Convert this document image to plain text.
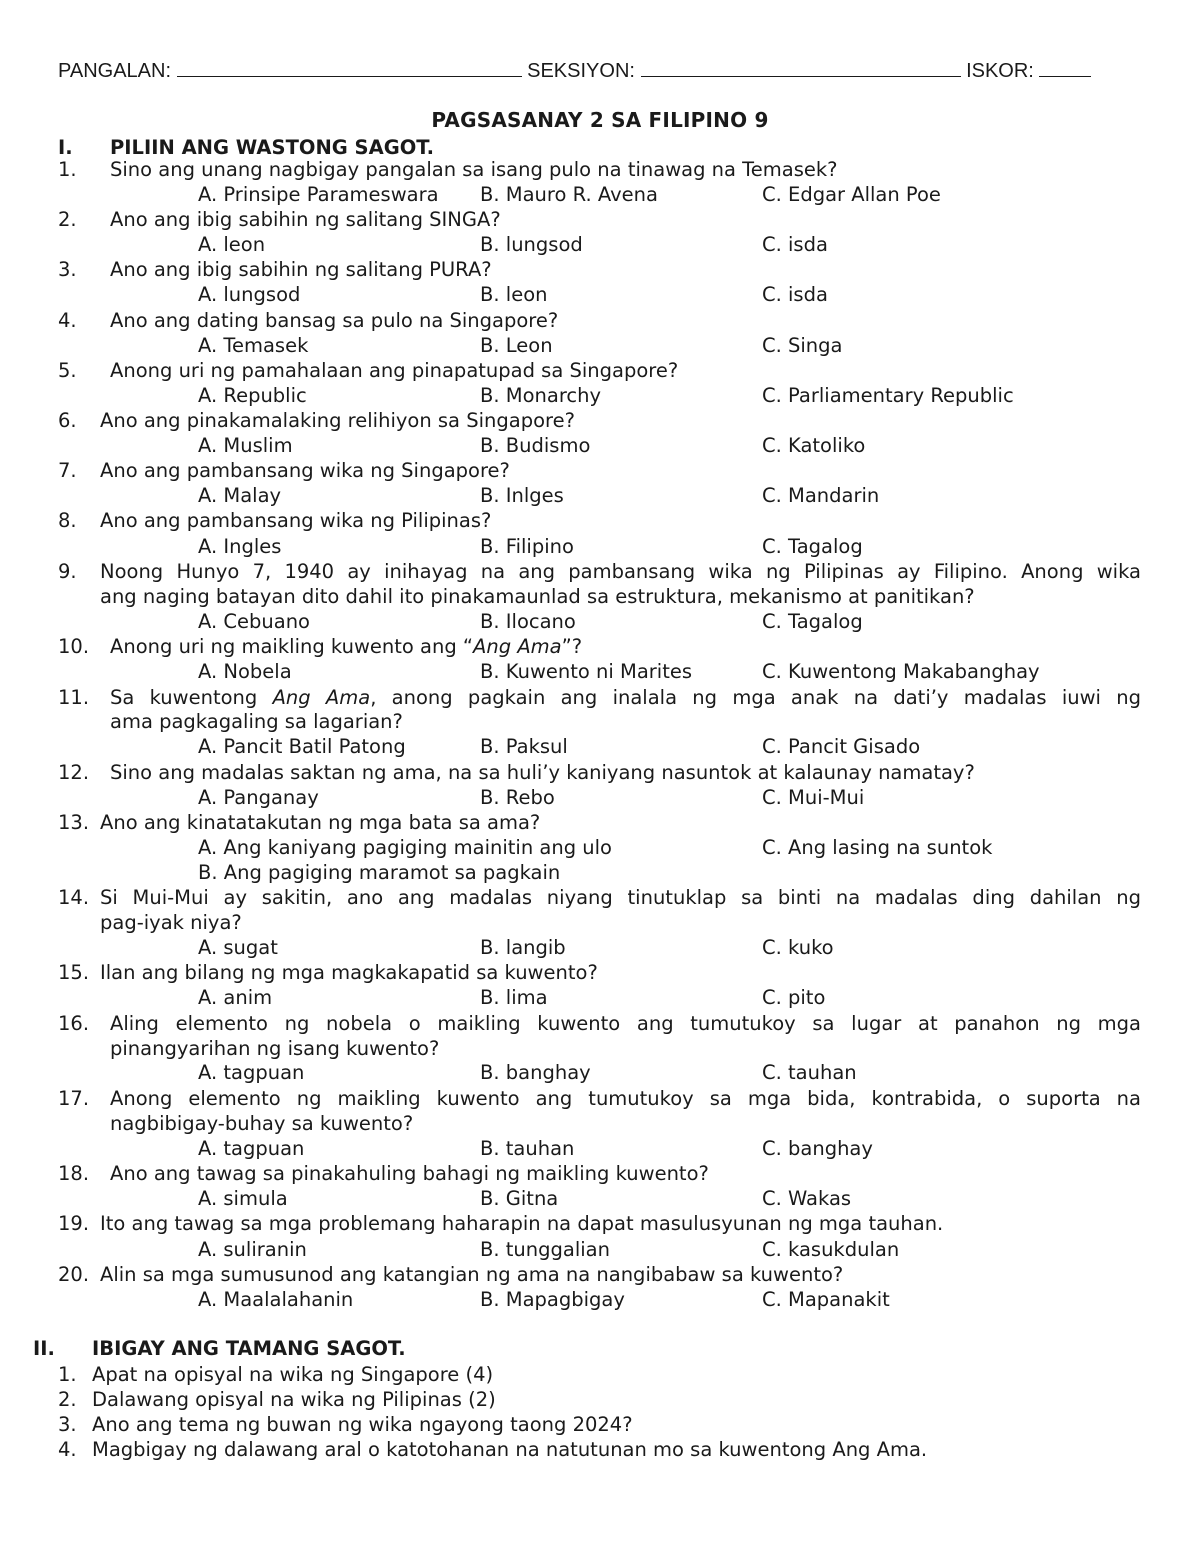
PANGALAN:	SEKSIYON:	ISKOR:
PAGSASANAY 2 SA FILIPINO 9
I. PILIIN ANG WASTONG SAGOT.
1. Sino ang unang nagbigay pangalan sa isang pulo na tinawag na Temasek?
A. Prinsipe Parameswara B. Mauro R. Avena	C. Edgar Allan Poe
2. Ano ang ibig sabihin ng salitang SINGA?
A. leon	B. lungsod	C. isda
3. Ano ang ibig sabihin ng salitang PURA?
A. lungsod	B. leon	C. isda
4. Ano ang dating bansag sa pulo na Singapore?
A. Temasek	B. Leon	C. Singa
5. Anong uri ng pamahalaan ang pinapatupad sa Singapore?
A. Republic	B. Monarchy	C. Parliamentary Republic
6. Ano ang pinakamalaking relihiyon sa Singapore?
A. Muslim	B. Budismo	C. Katoliko
7. Ano ang pambansang wika ng Singapore?
A. Malay	B. Inlges	C. Mandarin
8. Ano ang pambansang wika ng Pilipinas?
A. Ingles	B. Filipino	C. Tagalog
9. Noong Hunyo 7, 1940 ay inihayag na ang pambansang wika ng Pilipinas ay Filipino. Anong wika
ang naging batayan dito dahil ito pinakamaunlad sa estruktura, mekanismo at panitikan?
A. Cebuano	B. Ilocano	C. Tagalog
10. Anong uri ng maikling kuwento ang “Ang Ama”?
A. Nobela	B. Kuwento ni Marites	C. Kuwentong Makabanghay
11. Sa kuwentong Ang Ama, anong pagkain ang inalala ng mga anak na dati’y madalas iuwi ng
ama pagkagaling sa lagarian?
A. Pancit Batil Patong	B. Paksul	C. Pancit Gisado
12. Sino ang madalas saktan ng ama, na sa huli’y kaniyang nasuntok at kalaunay namatay?
A. Panganay	B. Rebo	C. Mui-Mui
13. Ano ang kinatatakutan ng mga bata sa ama?
A. Ang kaniyang pagiging mainitin ang ulo	C. Ang lasing na suntok
B. Ang pagiging maramot sa pagkain
14. Si Mui-Mui ay sakitin, ano ang madalas niyang tinutuklap sa binti na madalas ding dahilan ng
pag-iyak niya?
A. sugat	B. langib	C. kuko
15. Ilan ang bilang ng mga magkakapatid sa kuwento?
A. anim	B. lima	C. pito
16. Aling elemento ng nobela o maikling kuwento ang tumutukoy sa lugar at panahon ng mga
pinangyarihan ng isang kuwento?
A. tagpuan	B. banghay	C. tauhan
17. Anong elemento ng maikling kuwento ang tumutukoy sa mga bida, kontrabida, o suporta na
nagbibigay-buhay sa kuwento?
A. tagpuan	B. tauhan	C. banghay
18. Ano ang tawag sa pinakahuling bahagi ng maikling kuwento?
A. simula	B. Gitna	C. Wakas
19. Ito ang tawag sa mga problemang haharapin na dapat masulusyunan ng mga tauhan.
A. suliranin	B. tunggalian	C. kasukdulan
20. Alin sa mga sumusunod ang katangian ng ama na nangibabaw sa kuwento?
A. Maalalahanin	B. Mapagbigay	C. Mapanakit
II. IBIGAY ANG TAMANG SAGOT.
1. Apat na opisyal na wika ng Singapore (4)
2. Dalawang opisyal na wika ng Pilipinas (2)
3. Ano ang tema ng buwan ng wika ngayong taong 2024?
4. Magbigay ng dalawang aral o katotohanan na natutunan mo sa kuwentong Ang Ama.
